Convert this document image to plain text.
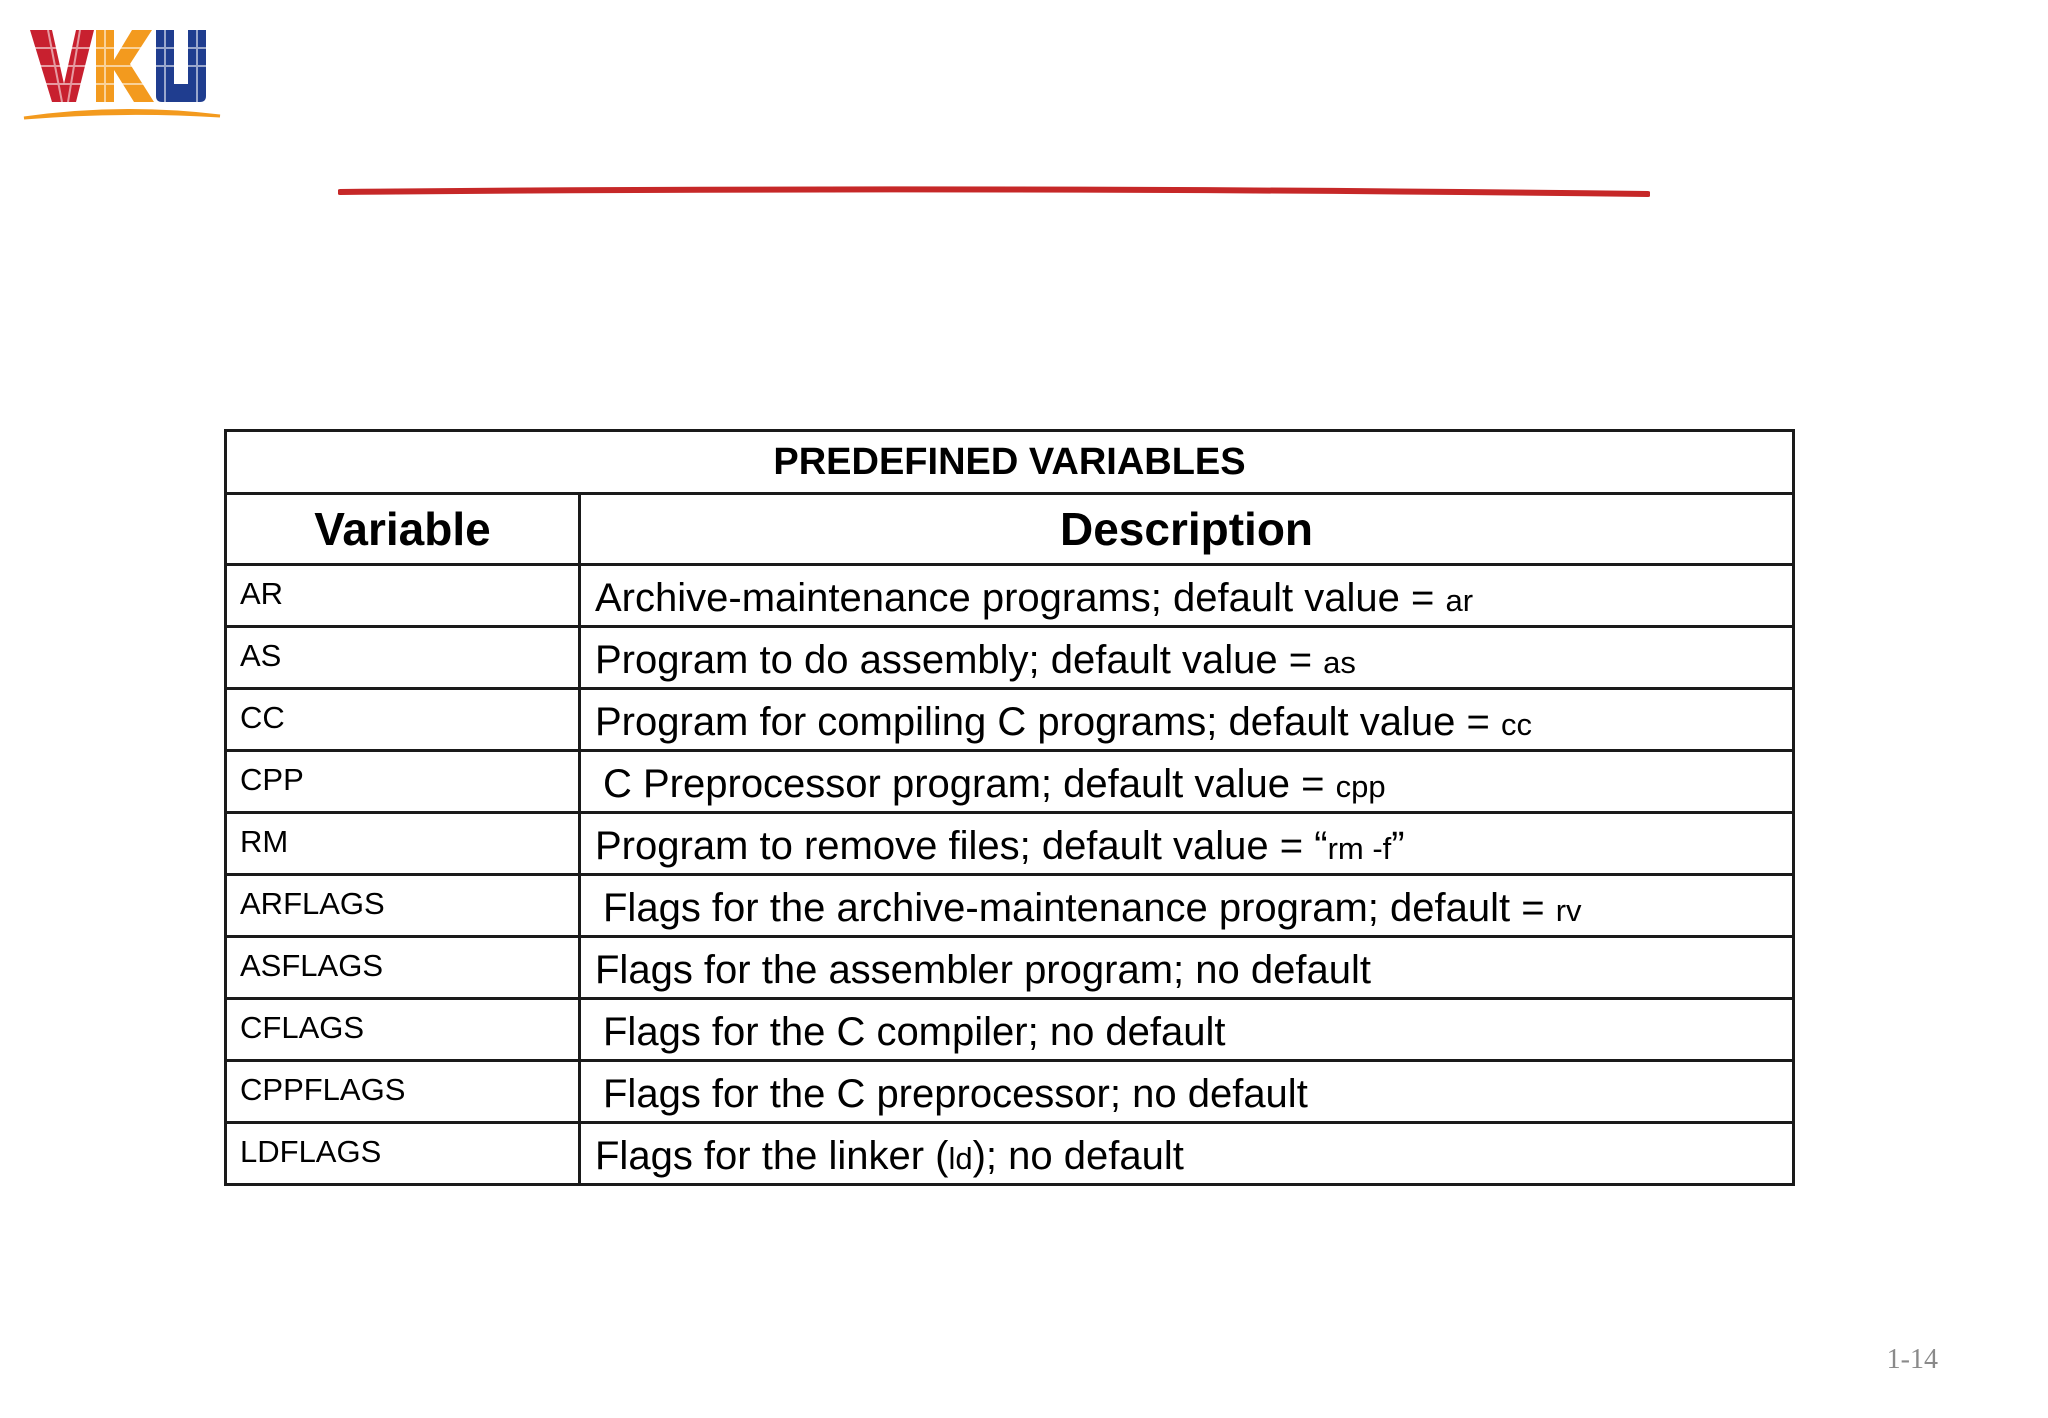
PREDEFINED VARIABLES	
Variable	Description
AR	Archive-maintenance programs; default value = ar
AS	Program to do assembly; default value = as
CC	Program for compiling C programs; default value = cc
CPP	C Preprocessor program; default value = cpp
RM	Program to remove files; default value = “rm -f”
ARFLAGS	Flags for the archive-maintenance program; default = rv
ASFLAGS	Flags for the assembler program; no default
CFLAGS	Flags for the C compiler; no default
CPPFLAGS	Flags for the C preprocessor; no default
LDFLAGS	Flags for the linker (ld); no default
1-14
